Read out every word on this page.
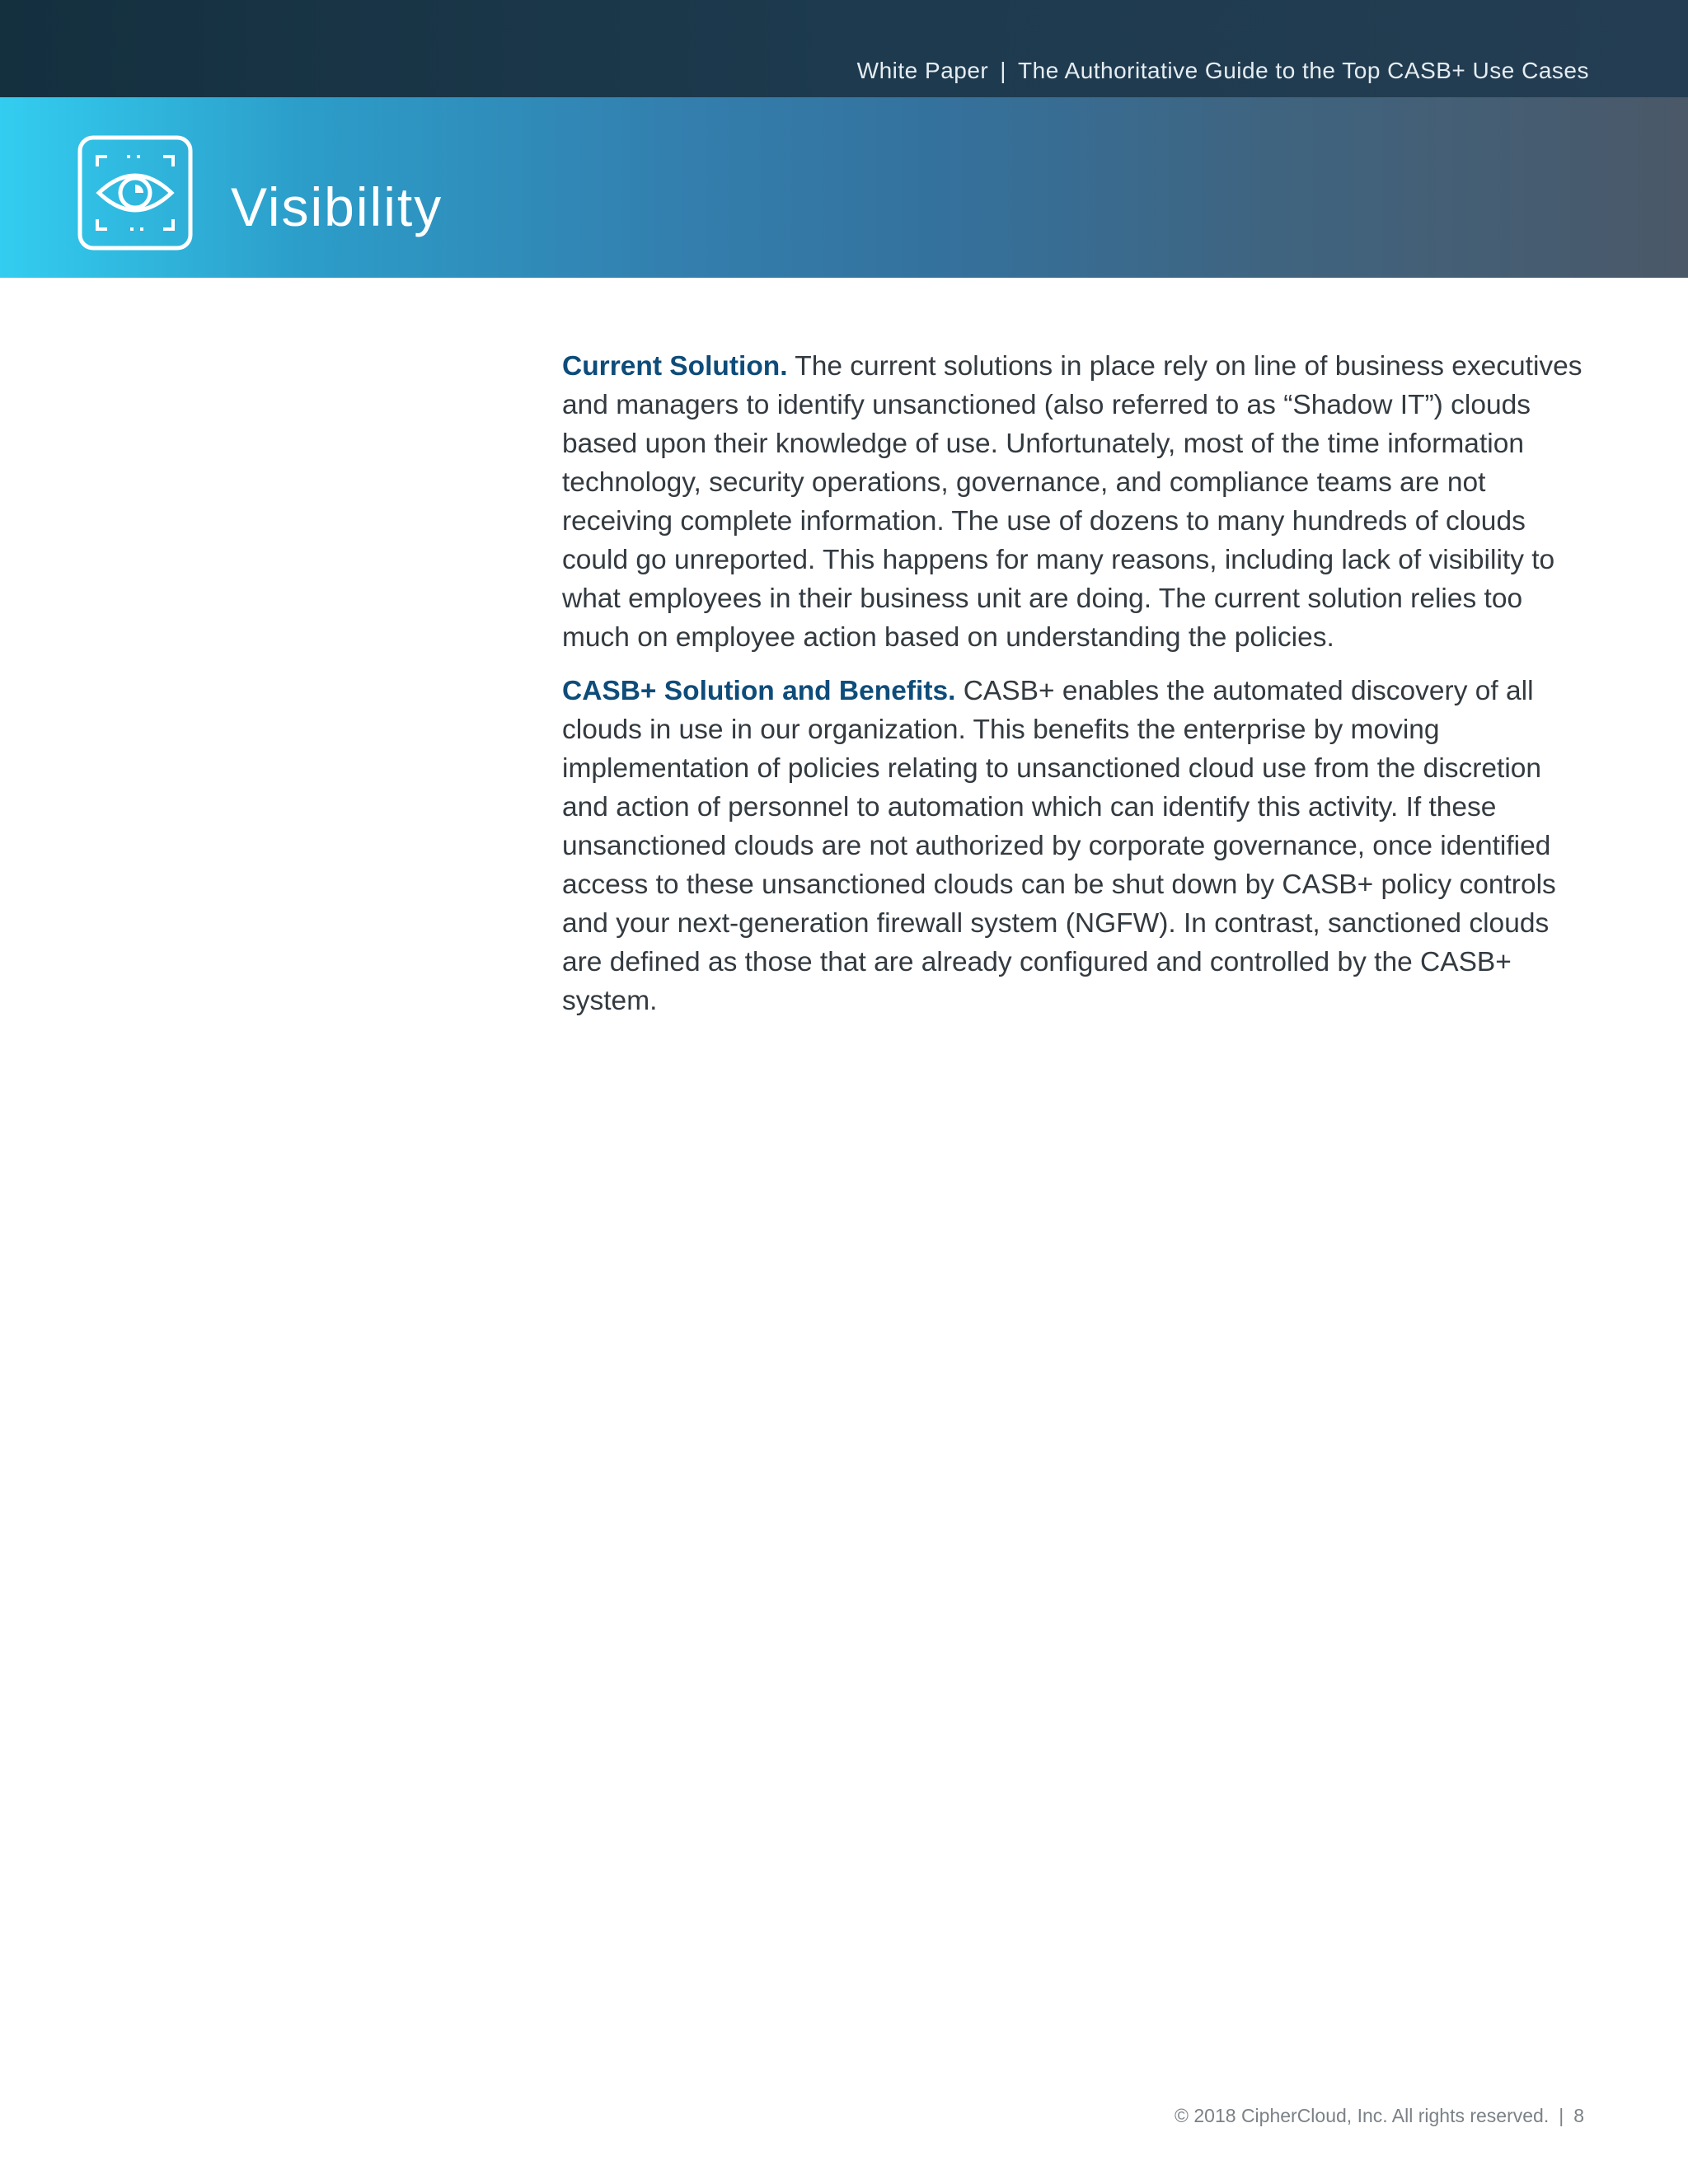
White Paper | The Authoritative Guide to the Top CASB+ Use Cases
Visibility

Current Solution. The current solutions in place rely on line of business executives and managers to identify unsanctioned (also referred to as “Shadow IT”) clouds based upon their knowledge of use. Unfortunately, most of the time information technology, security operations, governance, and compliance teams are not receiving complete information. The use of dozens to many hundreds of clouds could go unreported. This happens for many reasons, including lack of visibility to what employees in their business unit are doing. The current solution relies too much on employee action based on understanding the policies.

CASB+ Solution and Benefits. CASB+ enables the automated discovery of all clouds in use in our organization. This benefits the enterprise by moving implementation of policies relating to unsanctioned cloud use from the discretion and action of personnel to automation which can identify this activity. If these unsanctioned clouds are not authorized by corporate governance, once identified access to these unsanctioned clouds can be shut down by CASB+ policy controls and your next-generation firewall system (NGFW). In contrast, sanctioned clouds are defined as those that are already configured and controlled by the CASB+ system.

© 2018 CipherCloud, Inc. All rights reserved. | 8
